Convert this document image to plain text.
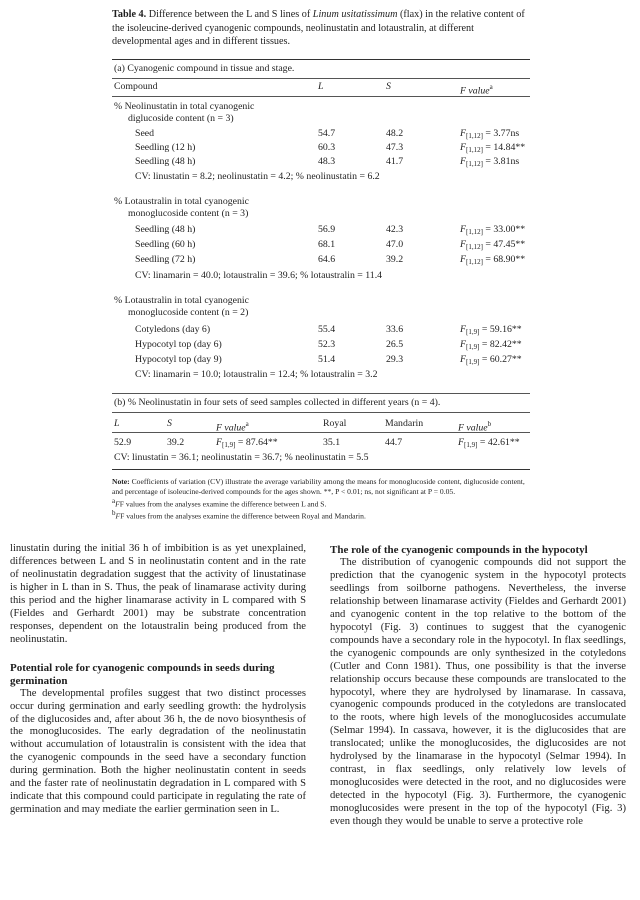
Table 4. Difference between the L and S lines of Linum usitatissimum (flax) in the relative content of the isoleucine-derived cyanogenic compounds, neolinustatin and lotaustralin, at different developmental ages and in different tissues.
(a) Cyanogenic compound in tissue and stage.
Compound	L	S	F value$^a$
% Neolinustatin in total cyanogenic
diglucoside content (n = 3)
Seed	54.7	48.2	$F_{[1,12]} = 3.77ns$
Seedling (12 h)	60.3	47.3	$F_{[1,12]} = 14.84**$
Seedling (48 h)	48.3	41.7	$F_{[1,12]} = 3.81ns$
CV: linustatin = 8.2; neolinustatin = 4.2; % neolinustatin = 6.2
% Lotaustralin in total cyanogenic
monoglucoside content (n = 3)
Seedling (48 h)	56.9	42.3	$F_{[1,12]} = 33.00**$
Seedling (60 h)	68.1	47.0	$F_{[1,12]} = 47.45**$
Seedling (72 h)	64.6	39.2	$F_{[1,12]} = 68.90**$
CV: linamarin = 40.0; lotaustralin = 39.6; % lotaustralin = 11.4
% Lotaustralin in total cyanogenic
monoglucoside content (n = 2)
Cotyledons (day 6)	55.4	33.6	$F_{[1,9]} = 59.16**$
Hypocotyl top (day 6)	52.3	26.5	$F_{[1,9]} = 82.42**$
Hypocotyl top (day 9)	51.4	29.3	$F_{[1,9]} = 60.27**$
CV: linamarin = 10.0; lotaustralin = 12.4; % lotaustralin = 3.2
(b) % Neolinustatin in four sets of seed samples collected in different years (n = 4).
L	S	F value$^a$	Royal	Mandarin	F value$^b$
52.9	39.2	$F_{[1,9]} = 87.64**$	35.1	44.7	$F_{[1,9]} = 42.61**$
CV: linustatin = 36.1; neolinustatin = 36.7; % neolinustatin = 5.5
Note: Coefficients of variation (CV) illustrate the average variability among the means for monoglucoside content, diglucoside content, and percentage of isoleucine-derived compounds for the ages shown. **, P < 0.01; ns, not significant at P = 0.05.
$^a$FF values from the analyses examine the difference between L and S.
$^b$FF values from the analyses examine the difference between Royal and Mandarin.

linustatin during the initial 36 h of imbibition is as yet unexplained, differences between L and S in neolinustatin content and in the rate of neolinustatin degradation suggest that the activity of linustatinase is higher in L than in S. Thus, the peak of linamarase activity during this period and the higher linamarase activity in L compared with S (Fieldes and Gerhardt 2001) may be substrate concentration responses, dependent on the lotaustralin being produced from the neolinustatin.

Potential role for cyanogenic compounds in seeds during germination

The developmental profiles suggest that two distinct processes occur during germination and early seedling growth: the hydrolysis of the diglucosides and, after about 36 h, the de novo biosynthesis of the monoglucosides. The early degradation of the neolinustatin without accumulation of lotaustralin is consistent with the idea that the cyanogenic compounds in the seed have a secondary function during germination. Both the higher neolinustatin content in seeds and the faster rate of neolinustatin degradation in L compared with S indicate that this compound could participate in regulating the rate of germination and may mediate the earlier germination seen in L.

The role of the cyanogenic compounds in the hypocotyl

The distribution of cyanogenic compounds did not support the prediction that the cyanogenic system in the hypocotyl protects seedlings from soilborne pathogens. Nevertheless, the inverse relationship between linamarase activity (Fieldes and Gerhardt 2001) and cyanogenic content in the top relative to the bottom of the hypocotyl (Fig. 3) continues to suggest that the cyanogenic compounds have a secondary role in the hypocotyl. In flax seedlings, the cyanogenic compounds are only synthesized in the cotyledons (Cutler and Conn 1981). Thus, one possibility is that the inverse relationship occurs because these compounds are translocated to the hypocotyl, where they are hydrolysed by linamarase. In cassava, cyanogenic compounds produced in the cotyledons are translocated to the roots, where high levels of the monoglucosides accumulate (Selmar 1994). In cassava, however, it is the diglucosides that are translocated; unlike the monoglucosides, the diglucosides are not hydrolysed by the linamarase in the hypocotyl (Selmar 1994). In contrast, in flax seedlings, only relatively low levels of monoglucosides were detected in the root, and no diglucosides were detected in the hypocotyl (Fig. 3). Furthermore, the cyanogenic monoglucosides were present in the top of the hypocotyl (Fig. 3) even though they would be unable to serve a protective role
